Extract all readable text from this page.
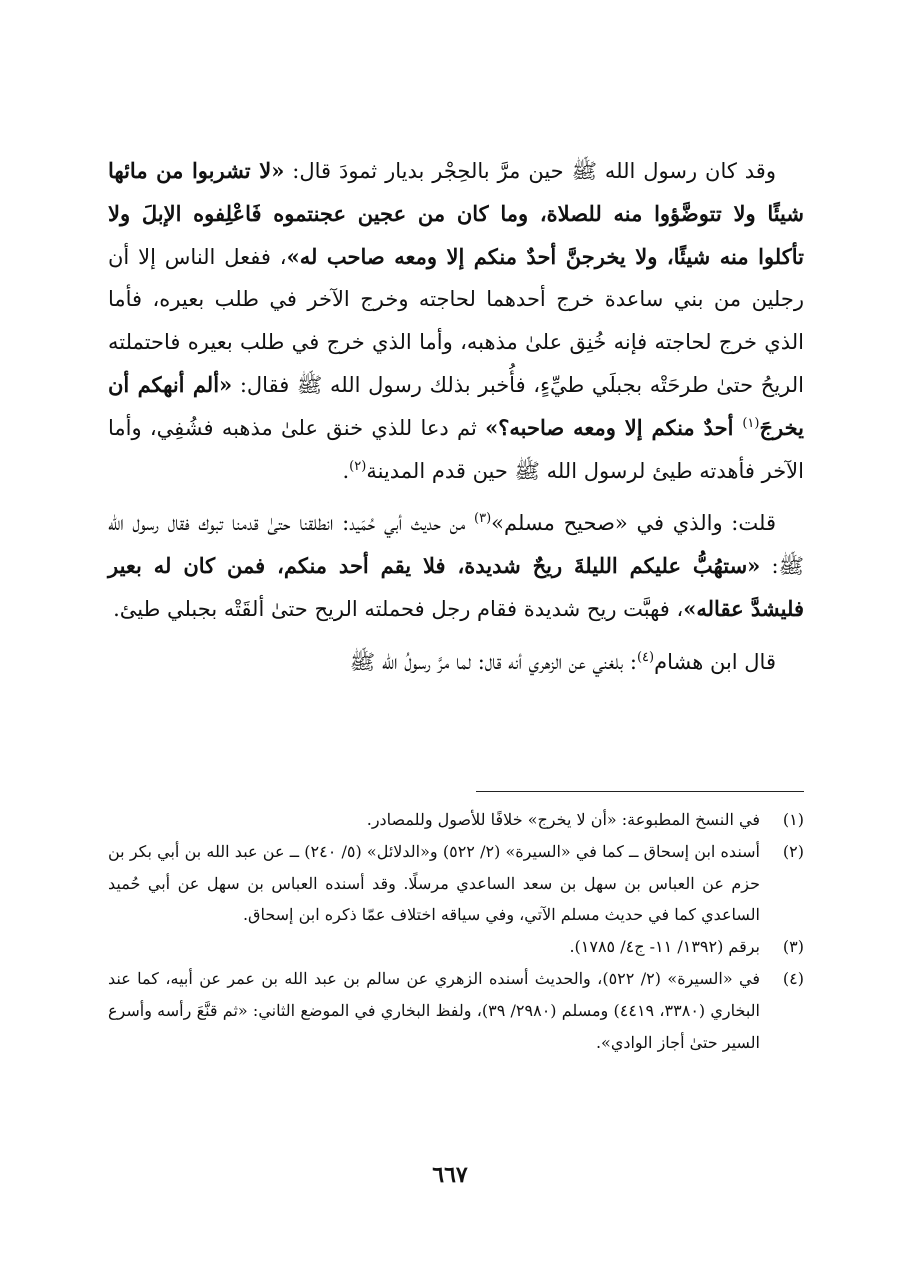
وقد كان رسول الله ﷺ حين مرَّ بالحِجْر بديار ثمودَ قال: «لا تشربوا من مائها شيئًا ولا تتوضَّؤوا منه للصلاة، وما كان من عجين عجنتموه فَاعْلِفوه الإبلَ ولا تأكلوا منه شيئًا، ولا يخرجنَّ أحدٌ منكم إلا ومعه صاحب له»، ففعل الناس إلا أن رجلين من بني ساعدة خرج أحدهما لحاجته وخرج الآخر في طلب بعيره، فأما الذي خرج لحاجته فإنه خُنِق علىٰ مذهبه، وأما الذي خرج في طلب بعيره فاحتملته الريحُ حتىٰ طرحَتْه بجبلَي طيِّءٍ، فأُخبر بذلك رسول الله ﷺ فقال: «ألم أنهكم أن يخرجَ$^{(١)}$ أحدٌ منكم إلا ومعه صاحبه؟» ثم دعا للذي خنق علىٰ مذهبه فشُفِي، وأما الآخر فأهدته طيئ لرسول الله ﷺ حين قدم المدينة$^{(٢)}$.

قلت: والذي في «صحيح مسلم»$^{(٣)}$ من حديث أبي حُمَيد: انطلقنا حتىٰ قدمنا تبوك فقال رسول الله ﷺ: «ستهُبُّ عليكم الليلةَ ريحٌ شديدة، فلا يقم أحد منكم، فمن كان له بعير فليشدَّ عقاله»، فهبَّت ريح شديدة فقام رجل فحملته الريح حتىٰ ألقَتْه بجبلي طيئ.

قال ابن هشام$^{(٤)}$: بلغني عن الزهري أنه قال: لما مرَّ رسولُ الله ﷺ

(١)
في النسخ المطبوعة: «أن لا يخرج» خلافًا للأصول وللمصادر.
(٢)
أسنده ابن إسحاق ــ كما في «السيرة» (٢/ ٥٢٢) و«الدلائل» (٥/ ٢٤٠) ــ عن عبد الله بن أبي بكر بن حزم عن العباس بن سهل بن سعد الساعدي مرسلًا. وقد أسنده العباس بن سهل عن أبي حُميد الساعدي كما في حديث مسلم الآتي، وفي سياقه اختلاف عمّا ذكره ابن إسحاق.
(٣)
برقم (١٣٩٢/ ١١- ج٤/ ١٧٨٥).
(٤)
في «السيرة» (٢/ ٥٢٢)، والحديث أسنده الزهري عن سالم بن عبد الله بن عمر عن أبيه، كما عند البخاري (٣٣٨٠، ٤٤١٩) ومسلم (٢٩٨٠/ ٣٩)، ولفظ البخاري في الموضع الثاني: «ثم قنَّعَ رأسه وأسرع السير حتىٰ أجاز الوادي».
٦٦٧
